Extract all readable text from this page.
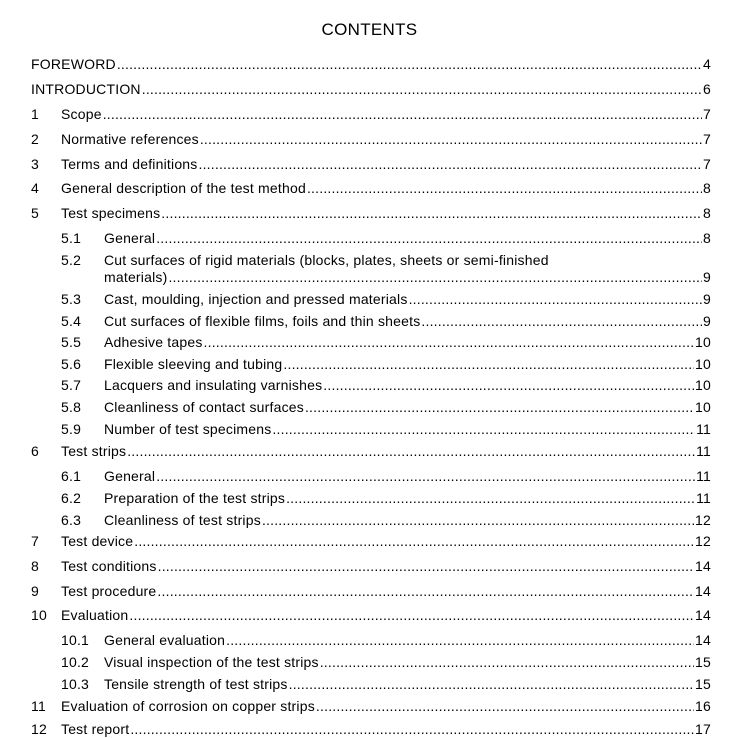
CONTENTS
FOREWORD .....	4
INTRODUCTION .....	6
1 Scope .....	7
2 Normative references .....	7
3 Terms and definitions .....	7
4 General description of the test method .....	8
5 Test specimens .....	8
5.1 General .....	8
5.2 Cut surfaces of rigid materials (blocks, plates, sheets or semi-finished
materials) .....	9
5.3 Cast, moulding, injection and pressed materials .....	9
5.4 Cut surfaces of flexible films, foils and thin sheets .....	9
5.5 Adhesive tapes .....	10
5.6 Flexible sleeving and tubing .....	10
5.7 Lacquers and insulating varnishes .....	10
5.8 Cleanliness of contact surfaces .....	10
5.9 Number of test specimens .....	11
6 Test strips .....	11
6.1 General .....	11
6.2 Preparation of the test strips .....	11
6.3 Cleanliness of test strips .....	12
7 Test device .....	12
8 Test conditions .....	14
9 Test procedure .....	14
10 Evaluation .....	14
10.1 General evaluation .....	14
10.2 Visual inspection of the test strips .....	15
10.3 Tensile strength of test strips .....	15
11 Evaluation of corrosion on copper strips .....	16
12 Test report .....	17
